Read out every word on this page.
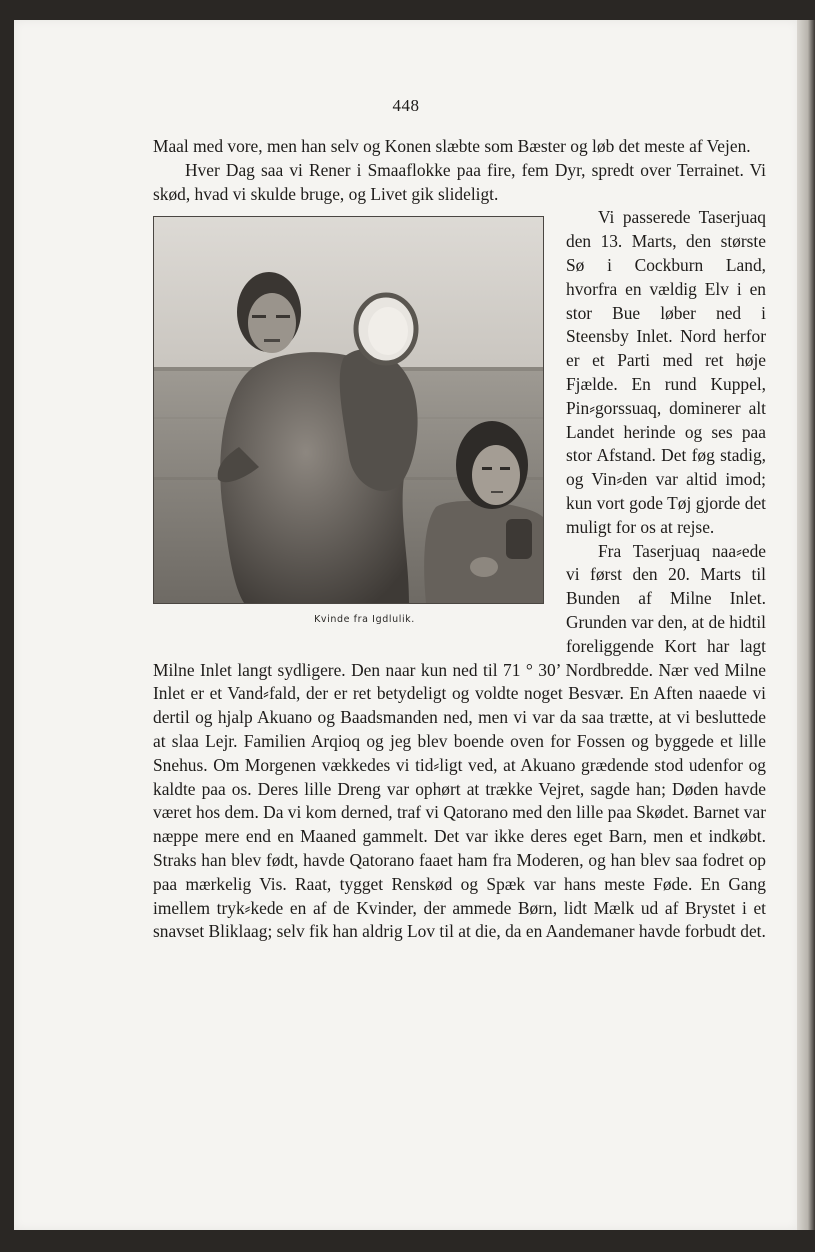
448

Maal med vore, men han selv og Konen slæbte som Bæster og løb det meste af Vejen.

Hver Dag saa vi Rener i Smaaflokke paa fire, fem Dyr, spredt over Terrainet. Vi skød, hvad vi skulde bruge, og Livet gik slideligt.

Kvinde fra Igdlulik.
Vi passerede Taserjuaq den 13. Marts, den største Sø i Cockburn Land, hvorfra en vældig Elv i en stor Bue løber ned i Steensby Inlet. Nord herfor er et Parti med ret høje Fjælde. En rund Kuppel, Pin⸗gorssuaq, dominerer alt Landet herinde og ses paa stor Afstand. Det føg stadig, og Vin⸗den var altid imod; kun vort gode Tøj gjorde det muligt for os at rejse.

Fra Taserjuaq naa⸗ede vi først den 20. Marts til Bunden af Milne Inlet. Grunden var den, at de hidtil foreliggende Kort har lagt Milne Inlet langt sydligere. Den naar kun ned til 71 ° 30’ Nordbredde. Nær ved Milne Inlet er et Vand⸗fald, der er ret betydeligt og voldte noget Besvær. En Aften naaede vi dertil og hjalp Akuano og Baadsmanden ned, men vi var da saa trætte, at vi besluttede at slaa Lejr. Familien Arqioq og jeg blev boende oven for Fossen og byggede et lille Snehus. Om Morgenen vækkedes vi tid⸗ligt ved, at Akuano grædende stod udenfor og kaldte paa os. Deres lille Dreng var ophørt at trække Vejret, sagde han; Døden havde været hos dem. Da vi kom derned, traf vi Qatorano med den lille paa Skødet. Barnet var næppe mere end en Maaned gammelt. Det var ikke deres eget Barn, men et indkøbt. Straks han blev født, havde Qatorano faaet ham fra Moderen, og han blev saa fodret op paa mærkelig Vis. Raat, tygget Renskød og Spæk var hans meste Føde. En Gang imellem tryk⸗kede en af de Kvinder, der ammede Børn, lidt Mælk ud af Brystet i et snavset Bliklaag; selv fik han aldrig Lov til at die, da en Aandemaner havde forbudt det.
